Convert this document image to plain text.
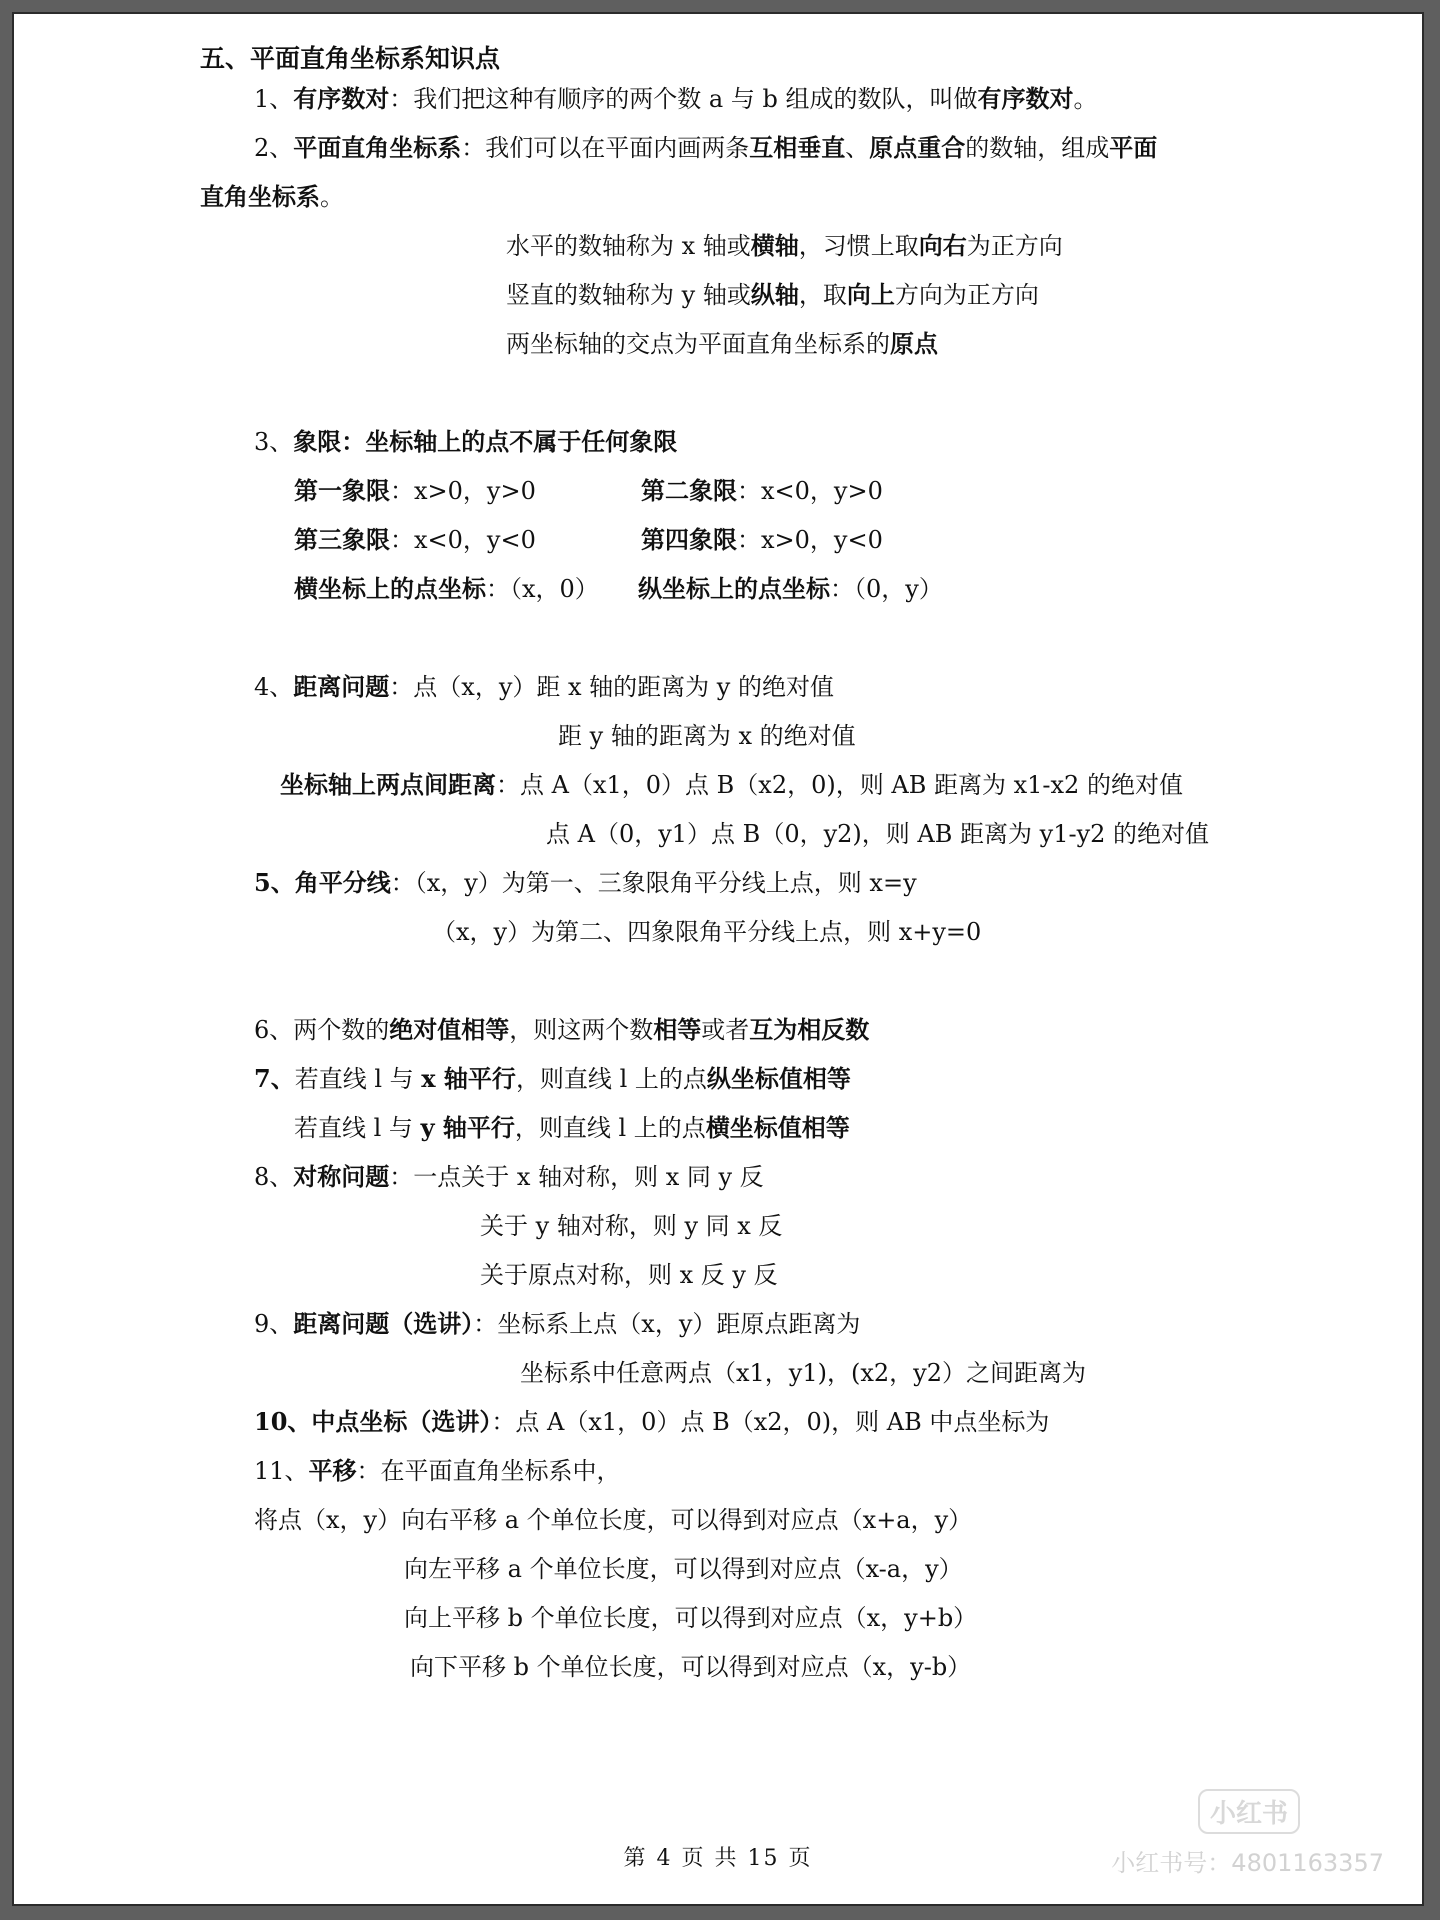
五、平面直角坐标系知识点
1、有序数对：我们把这种有顺序的两个数 a 与 b 组成的数队，叫做有序数对。
2、平面直角坐标系：我们可以在平面内画两条互相垂直、原点重合的数轴，组成平面
直角坐标系。
水平的数轴称为 x 轴或横轴，习惯上取向右为正方向
竖直的数轴称为 y 轴或纵轴，取向上方向为正方向
两坐标轴的交点为平面直角坐标系的原点
3、象限：坐标轴上的点不属于任何象限
第一象限：x>0，y>0	第二象限：x<0，y>0
第三象限：x<0，y<0	第四象限：x>0，y<0
横坐标上的点坐标：（x，0） 纵坐标上的点坐标：（0，y）
4、距离问题：点（x，y）距 x 轴的距离为 y 的绝对值
距 y 轴的距离为 x 的绝对值
坐标轴上两点间距离：点 A（x1，0）点 B（x2，0)，则 AB 距离为 x1-x2 的绝对值
点 A（0，y1）点 B（0，y2)，则 AB 距离为 y1-y2 的绝对值
5、角平分线：（x，y）为第一、三象限角平分线上点，则 x=y
（x，y）为第二、四象限角平分线上点，则 x+y=0
6、两个数的绝对值相等，则这两个数相等或者互为相反数
7、若直线 l 与 x 轴平行，则直线 l 上的点纵坐标值相等
若直线 l 与 y 轴平行，则直线 l 上的点横坐标值相等
8、对称问题：一点关于 x 轴对称，则 x 同 y 反
关于 y 轴对称，则 y 同 x 反
关于原点对称，则 x 反 y 反
9、距离问题（选讲）：坐标系上点（x，y）距原点距离为
坐标系中任意两点（x1，y1)，(x2，y2）之间距离为
10、中点坐标（选讲）：点 A（x1，0）点 B（x2，0)，则 AB 中点坐标为
11、平移：在平面直角坐标系中，
将点（x，y）向右平移 a 个单位长度，可以得到对应点（x+a，y）
向左平移 a 个单位长度，可以得到对应点（x-a，y）
向上平移 b 个单位长度，可以得到对应点（x，y+b）
向下平移 b 个单位长度，可以得到对应点（x，y-b）
第 4 页 共 15 页
小红书
小红书号：4801163357
